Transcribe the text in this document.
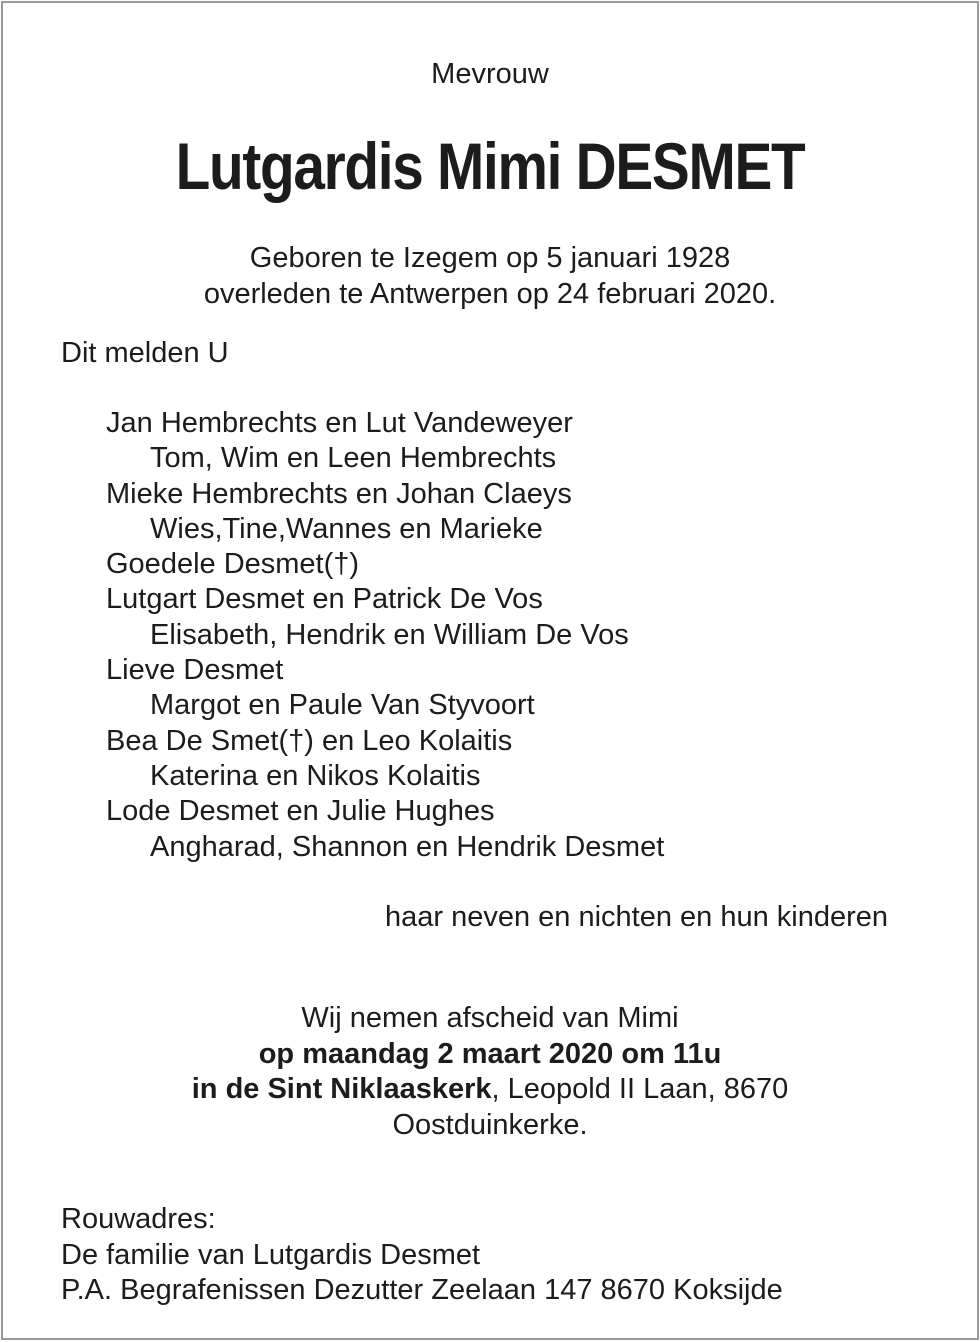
Mevrouw
Lutgardis Mimi DESMET
Geboren te Izegem op 5 januari 1928
overleden te Antwerpen op 24 februari 2020.
Dit melden U
Jan Hembrechts en Lut Vandeweyer
Tom, Wim en Leen Hembrechts
Mieke Hembrechts en Johan Claeys
Wies,Tine,Wannes en Marieke
Goedele Desmet(†)
Lutgart Desmet en Patrick De Vos
Elisabeth, Hendrik en William De Vos
Lieve Desmet
Margot en Paule Van Styvoort
Bea De Smet(†) en Leo Kolaitis
Katerina en Nikos Kolaitis
Lode Desmet en Julie Hughes
Angharad, Shannon en Hendrik Desmet
haar neven en nichten en hun kinderen
Wij nemen afscheid van Mimi
op maandag 2 maart 2020 om 11u
in de Sint Niklaaskerk, Leopold II Laan, 8670
Oostduinkerke.
Rouwadres:
De familie van Lutgardis Desmet
P.A. Begrafenissen Dezutter Zeelaan 147 8670 Koksijde
